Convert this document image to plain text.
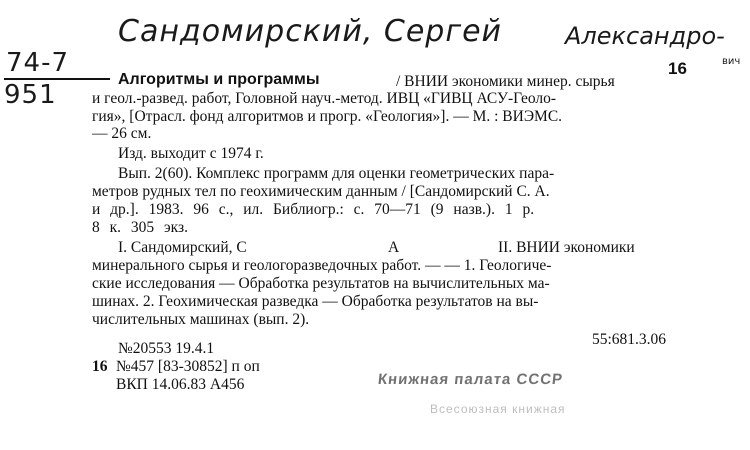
Сандомирский, Сергей	Александро-
вич
74-7
951
Алгоритмы и программы	/ ВНИИ экономики минер. сырья
16
и геол.-развед. работ, Головной науч.-метод. ИВЦ «ГИВЦ АСУ-Геоло-
гия», [Отрасл. фонд алгоритмов и прогр. «Геология»]. — М. : ВИЭМС.
— 26 см.
Изд. выходит с 1974 г.
Вып. 2(60). Комплекс программ для оценки геометрических пара-
метров рудных тел по геохимическим данным / [Сандомирский С. А.
и др.]. 1983. 96 с., ил. Библиогр.: с. 70—71 (9 назв.). 1 р.
8 к. 305 экз.
I. Сандомирский, С	А	II. ВНИИ экономики
минерального сырья и геологоразведочных работ. — — 1. Геологиче-
ские исследования — Обработка результатов на вычислительных ма-
шинах. 2. Геохимическая разведка — Обработка результатов на вы-
числительных машинах (вып. 2).
55:681.3.06
№20553 19.4.1
16 №457 [83-30852] п оп
ВКП 14.06.83 А456	Книжная палата СССР
Всесоюзная книжная
